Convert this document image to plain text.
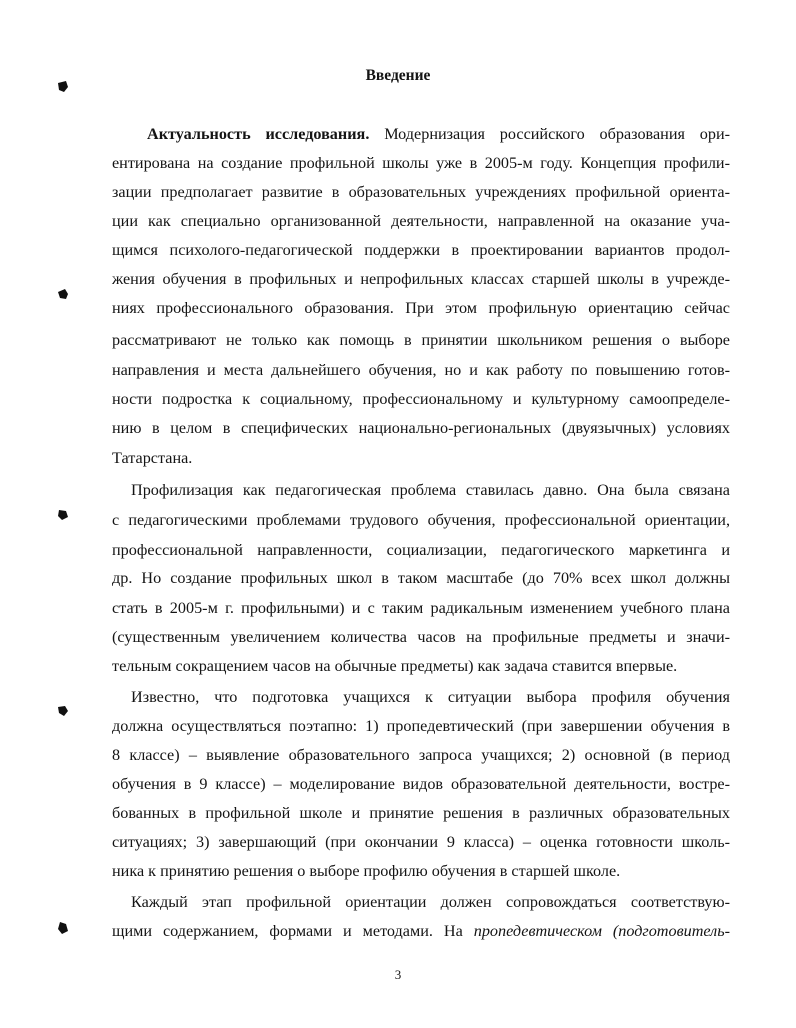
Введение
Актуальность исследования. Модернизация российского образования ори-
ентирована на создание профильной школы уже в 2005-м году. Концепция профили-
зации предполагает развитие в образовательных учреждениях профильной ориента-
ции как специально организованной деятельности, направленной на оказание уча-
щимся психолого-педагогической поддержки в проектировании вариантов продол-
жения обучения в профильных и непрофильных классах старшей школы в учрежде-
ниях профессионального образования. При этом профильную ориентацию сейчас
рассматривают не только как помощь в принятии школьником решения о выборе
направления и места дальнейшего обучения, но и как работу по повышению готов-
ности подростка к социальному, профессиональному и культурному самоопределе-
нию в целом в специфических национально-региональных (двуязычных) условиях
Татарстана.
Профилизация как педагогическая проблема ставилась давно. Она была связана
с педагогическими проблемами трудового обучения, профессиональной ориентации,
профессиональной направленности, социализации, педагогического маркетинга и
др. Но создание профильных школ в таком масштабе (до 70% всех школ должны
стать в 2005-м г. профильными) и с таким радикальным изменением учебного плана
(существенным увеличением количества часов на профильные предметы и значи-
тельным сокращением часов на обычные предметы) как задача ставится впервые.
Известно, что подготовка учащихся к ситуации выбора профиля обучения
должна осуществляться поэтапно: 1) пропедевтический (при завершении обучения в
8 классе) – выявление образовательного запроса учащихся; 2) основной (в период
обучения в 9 классе) – моделирование видов образовательной деятельности, востре-
бованных в профильной школе и принятие решения в различных образовательных
ситуациях; 3) завершающий (при окончании 9 класса) – оценка готовности школь-
ника к принятию решения о выборе профилю обучения в старшей школе.
Каждый этап профильной ориентации должен сопровождаться соответствую-
щими содержанием, формами и методами. На пропедевтическом (подготовитель-
3
